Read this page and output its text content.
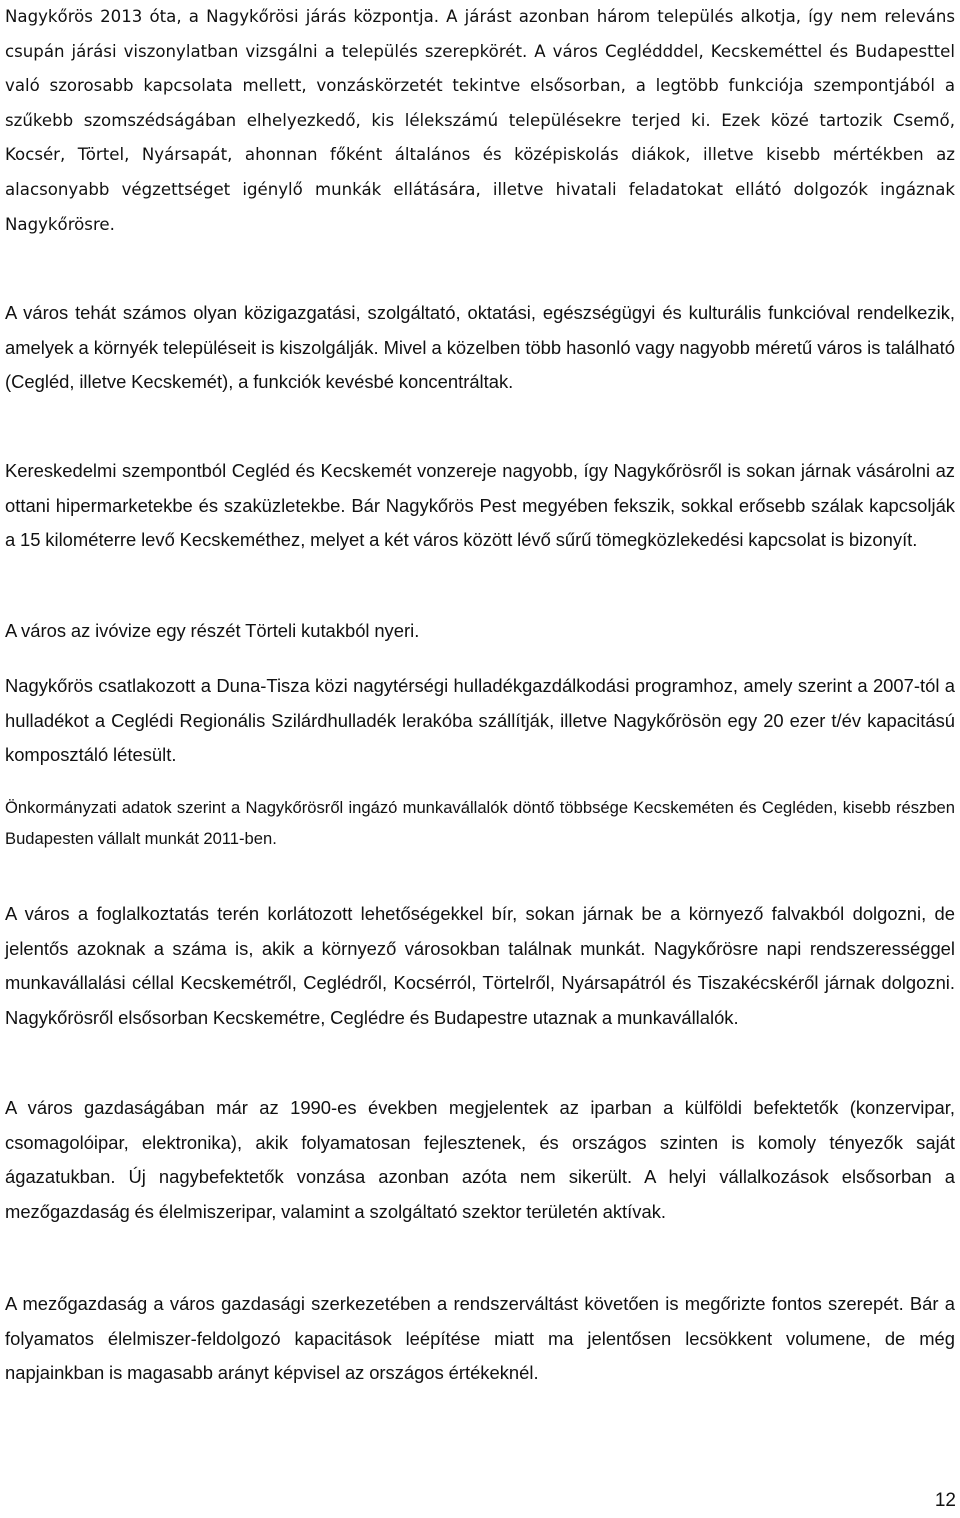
Nagykőrös 2013 óta, a Nagykőrösi járás központja. A járást azonban három település alkotja, így nem releváns csupán járási viszonylatban vizsgálni a település szerepkörét. A város Ceglédddel, Kecskeméttel és Budapesttel való szorosabb kapcsolata mellett, vonzáskörzetét tekintve elsősorban, a legtöbb funkciója szempontjából a szűkebb szomszédságában elhelyezkedő, kis lélekszámú településekre terjed ki. Ezek közé tartozik Csemő, Kocsér, Törtel, Nyársapát, ahonnan főként általános és középiskolás diákok, illetve kisebb mértékben az alacsonyabb végzettséget igénylő munkák ellátására, illetve hivatali feladatokat ellátó dolgozók ingáznak Nagykőrösre.

A város tehát számos olyan közigazgatási, szolgáltató, oktatási, egészségügyi és kulturális funkcióval rendelkezik, amelyek a környék településeit is kiszolgálják. Mivel a közelben több hasonló vagy nagyobb méretű város is található (Cegléd, illetve Kecskemét), a funkciók kevésbé koncentráltak.

Kereskedelmi szempontból Cegléd és Kecskemét vonzereje nagyobb, így Nagykőrösről is sokan járnak vásárolni az ottani hipermarketekbe és szaküzletekbe. Bár Nagykőrös Pest megyében fekszik, sokkal erősebb szálak kapcsolják a 15 kilométerre levő Kecskeméthez, melyet a két város között lévő sűrű tömegközlekedési kapcsolat is bizonyít.

A város az ivóvize egy részét Törteli kutakból nyeri.

Nagykőrös csatlakozott a Duna-Tisza közi nagytérségi hulladékgazdálkodási programhoz, amely szerint a 2007-tól a hulladékot a Ceglédi Regionális Szilárdhulladék lerakóba szállítják, illetve Nagykőrösön egy 20 ezer t/év kapacitású komposztáló létesült.

Önkormányzati adatok szerint a Nagykőrösről ingázó munkavállalók döntő többsége Kecskeméten és Cegléden, kisebb részben Budapesten vállalt munkát 2011-ben.

A város a foglalkoztatás terén korlátozott lehetőségekkel bír, sokan járnak be a környező falvakból dolgozni, de jelentős azoknak a száma is, akik a környező városokban találnak munkát. Nagykőrösre napi rendszerességgel munkavállalási céllal Kecskemétről, Ceglédről, Kocsérról, Törtelről, Nyársapátról és Tiszakécskéről járnak dolgozni. Nagykőrösről elsősorban Kecskemétre, Ceglédre és Budapestre utaznak a munkavállalók.

A város gazdaságában már az 1990-es években megjelentek az iparban a külföldi befektetők (konzervipar, csomagolóipar, elektronika), akik folyamatosan fejlesztenek, és országos szinten is komoly tényezők saját ágazatukban. Új nagybefektetők vonzása azonban azóta nem sikerült. A helyi vállalkozások elsősorban a mezőgazdaság és élelmiszeripar, valamint a szolgáltató szektor területén aktívak.

A mezőgazdaság a város gazdasági szerkezetében a rendszerváltást követően is megőrizte fontos szerepét. Bár a folyamatos élelmiszer-feldolgozó kapacitások leépítése miatt ma jelentősen lecsökkent volumene, de még napjainkban is magasabb arányt képvisel az országos értékeknél.

12
